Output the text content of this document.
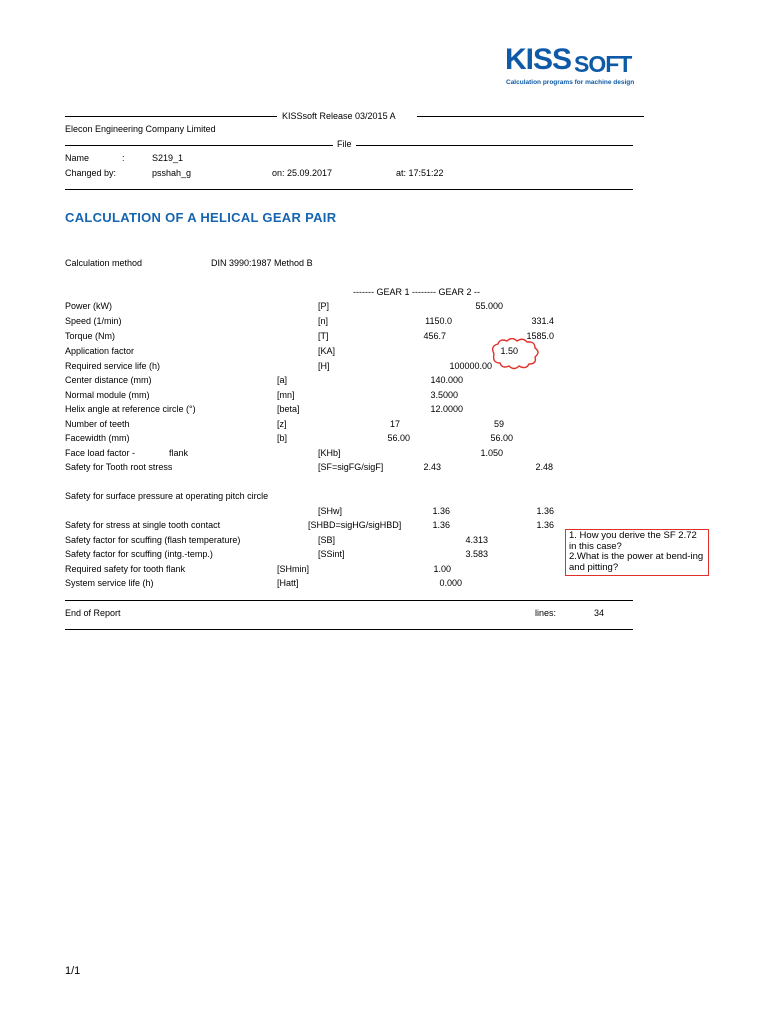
KISS SOFT
Calculation programs for machine design
KISSsoft Release 03/2015 A
Elecon Engineering Company Limited
File
Name	:	S219_1
Changed by:	psshah_g	on: 25.09.2017	at: 17:51:22
CALCULATION OF A HELICAL GEAR PAIR
Calculation method	DIN 3990:1987 Method B
------- GEAR 1 -------- GEAR 2 --
Power (kW)	[P]	55.000
Speed (1/min)	[n]	1150.0	331.4
Torque (Nm)	[T]	456.7	1585.0
Application factor	[KA]	1.50
Required service life (h)	[H]	100000.00
Center distance (mm)	[a]	140.000
Normal module (mm)	[mn]	3.5000
Helix angle at reference circle (°)	[beta]	12.0000
Number of teeth	[z]	17	59
Facewidth (mm)	[b]	56.00	56.00
Face load factor -	flank	[KHb]	1.050
Safety for Tooth root stress	[SF=sigFG/sigF]	2.43	2.48
Safety for surface pressure at operating pitch circle
[SHw]	1.36	1.36
Safety for stress at single tooth contact	[SHBD=sigHG/sigHBD]	1.36	1.36
Safety factor for scuffing (flash temperature)	[SB]	4.313
Safety factor for scuffing (intg.-temp.)	[SSint]	3.583
Required safety for tooth flank	[SHmin]	1.00
System service life (h)	[Hatt]	0.000
1. How you derive the SF 2.72 in this case?
2.What is the power at bend-ing and pitting?
End of Report	lines:	34
1/1
